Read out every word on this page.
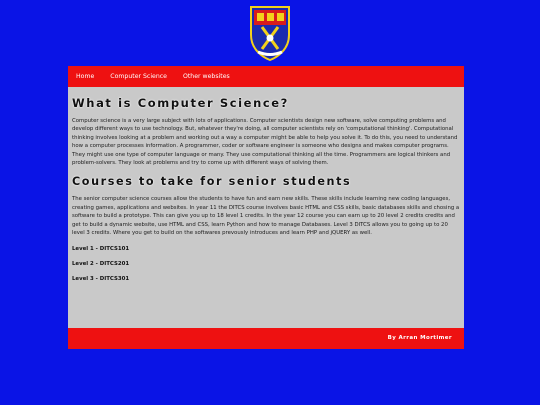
Home	Computer Science	Other websites
What is Computer Science?

Computer science is a very large subject with lots of applications. Computer scientists design new software, solve computing problems and develop different ways to use technology. But, whatever they're doing, all computer scientists rely on 'computational thinking'. Computational thinking involves looking at a problem and working out a way a computer might be able to help you solve it. To do this, you need to understand how a computer processes information. A programmer, coder or software engineer is someone who designs and makes computer programs. They might use one type of computer language or many. They use computational thinking all the time. Programmers are logical thinkers and problem-solvers. They look at problems and try to come up with different ways of solving them.

Courses to take for senior students

The senior computer science courses allow the students to have fun and earn new skills. These skills include learning new coding languages, creating games, applications and websites. In year 11 the DITCS course involves basic HTML and CSS skills, basic databases skills and chosing a software to build a prototype. This can give you up to 18 level 1 credits. In the year 12 course you can earn up to 20 level 2 credits credits and get to build a dynamic website, use HTML and CSS, learn Python and how to manage Databases. Level 3 DITCS allows you to going up to 20 level 3 credits. Where you get to build on the softwares prevously introduces and learn PHP and jQUERY as well.

Level 1 - DITCS101
Level 2 - DITCS201
Level 3 - DITCS301
By Arran Mortimer
